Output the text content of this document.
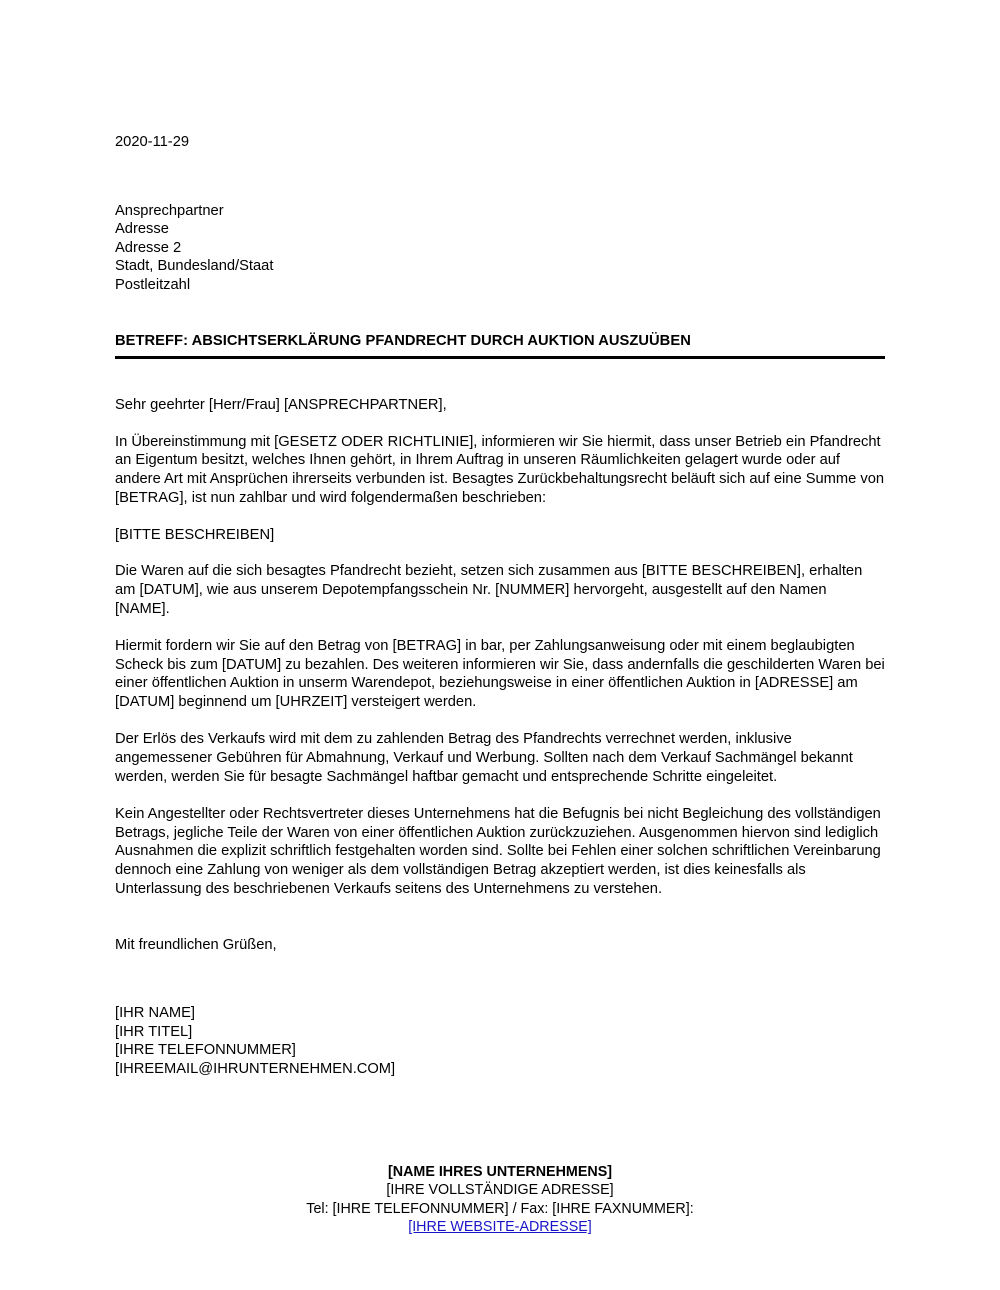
2020-11-29
Ansprechpartner
Adresse
Adresse 2
Stadt, Bundesland/Staat
Postleitzahl
BETREFF: ABSICHTSERKLÄRUNG PFANDRECHT DURCH AUKTION AUSZUÜBEN
Sehr geehrter [Herr/Frau] [ANSPRECHPARTNER],

In Übereinstimmung mit [GESETZ ODER RICHTLINIE], informieren wir Sie hiermit, dass unser Betrieb ein Pfandrecht an Eigentum besitzt, welches Ihnen gehört, in Ihrem Auftrag in unseren Räumlichkeiten gelagert wurde oder auf andere Art mit Ansprüchen ihrerseits verbunden ist. Besagtes Zurückbehaltungsrecht beläuft sich auf eine Summe von [BETRAG], ist nun zahlbar und wird folgendermaßen beschrieben:

[BITTE BESCHREIBEN]

Die Waren auf die sich besagtes Pfandrecht bezieht, setzen sich zusammen aus [BITTE BESCHREIBEN], erhalten am [DATUM], wie aus unserem Depotempfangsschein Nr. [NUMMER] hervorgeht, ausgestellt auf den Namen [NAME].

Hiermit fordern wir Sie auf den Betrag von [BETRAG] in bar, per Zahlungsanweisung oder mit einem beglaubigten Scheck bis zum [DATUM] zu bezahlen. Des weiteren informieren wir Sie, dass andernfalls die geschilderten Waren bei einer öffentlichen Auktion in unserm Warendepot, beziehungsweise in einer öffentlichen Auktion in [ADRESSE] am [DATUM] beginnend um [UHRZEIT] versteigert werden.

Der Erlös des Verkaufs wird mit dem zu zahlenden Betrag des Pfandrechts verrechnet werden, inklusive angemessener Gebühren für Abmahnung, Verkauf und Werbung. Sollten nach dem Verkauf Sachmängel bekannt werden, werden Sie für besagte Sachmängel haftbar gemacht und entsprechende Schritte eingeleitet.

Kein Angestellter oder Rechtsvertreter dieses Unternehmens hat die Befugnis bei nicht Begleichung des vollständigen Betrags, jegliche Teile der Waren von einer öffentlichen Auktion zurückzuziehen. Ausgenommen hiervon sind lediglich Ausnahmen die explizit schriftlich festgehalten worden sind. Sollte bei Fehlen einer solchen schriftlichen Vereinbarung dennoch eine Zahlung von weniger als dem vollständigen Betrag akzeptiert werden, ist dies keinesfalls als Unterlassung des beschriebenen Verkaufs seitens des Unternehmens zu verstehen.

Mit freundlichen Grüßen,
[IHR NAME]
[IHR TITEL]
[IHRE TELEFONNUMMER]
[IHREEMAIL@IHRUNTERNEHMEN.COM]
[NAME IHRES UNTERNEHMENS]
[IHRE VOLLSTÄNDIGE ADRESSE]
Tel: [IHRE TELEFONNUMMER] / Fax: [IHRE FAXNUMMER]:
[IHRE WEBSITE-ADRESSE]
